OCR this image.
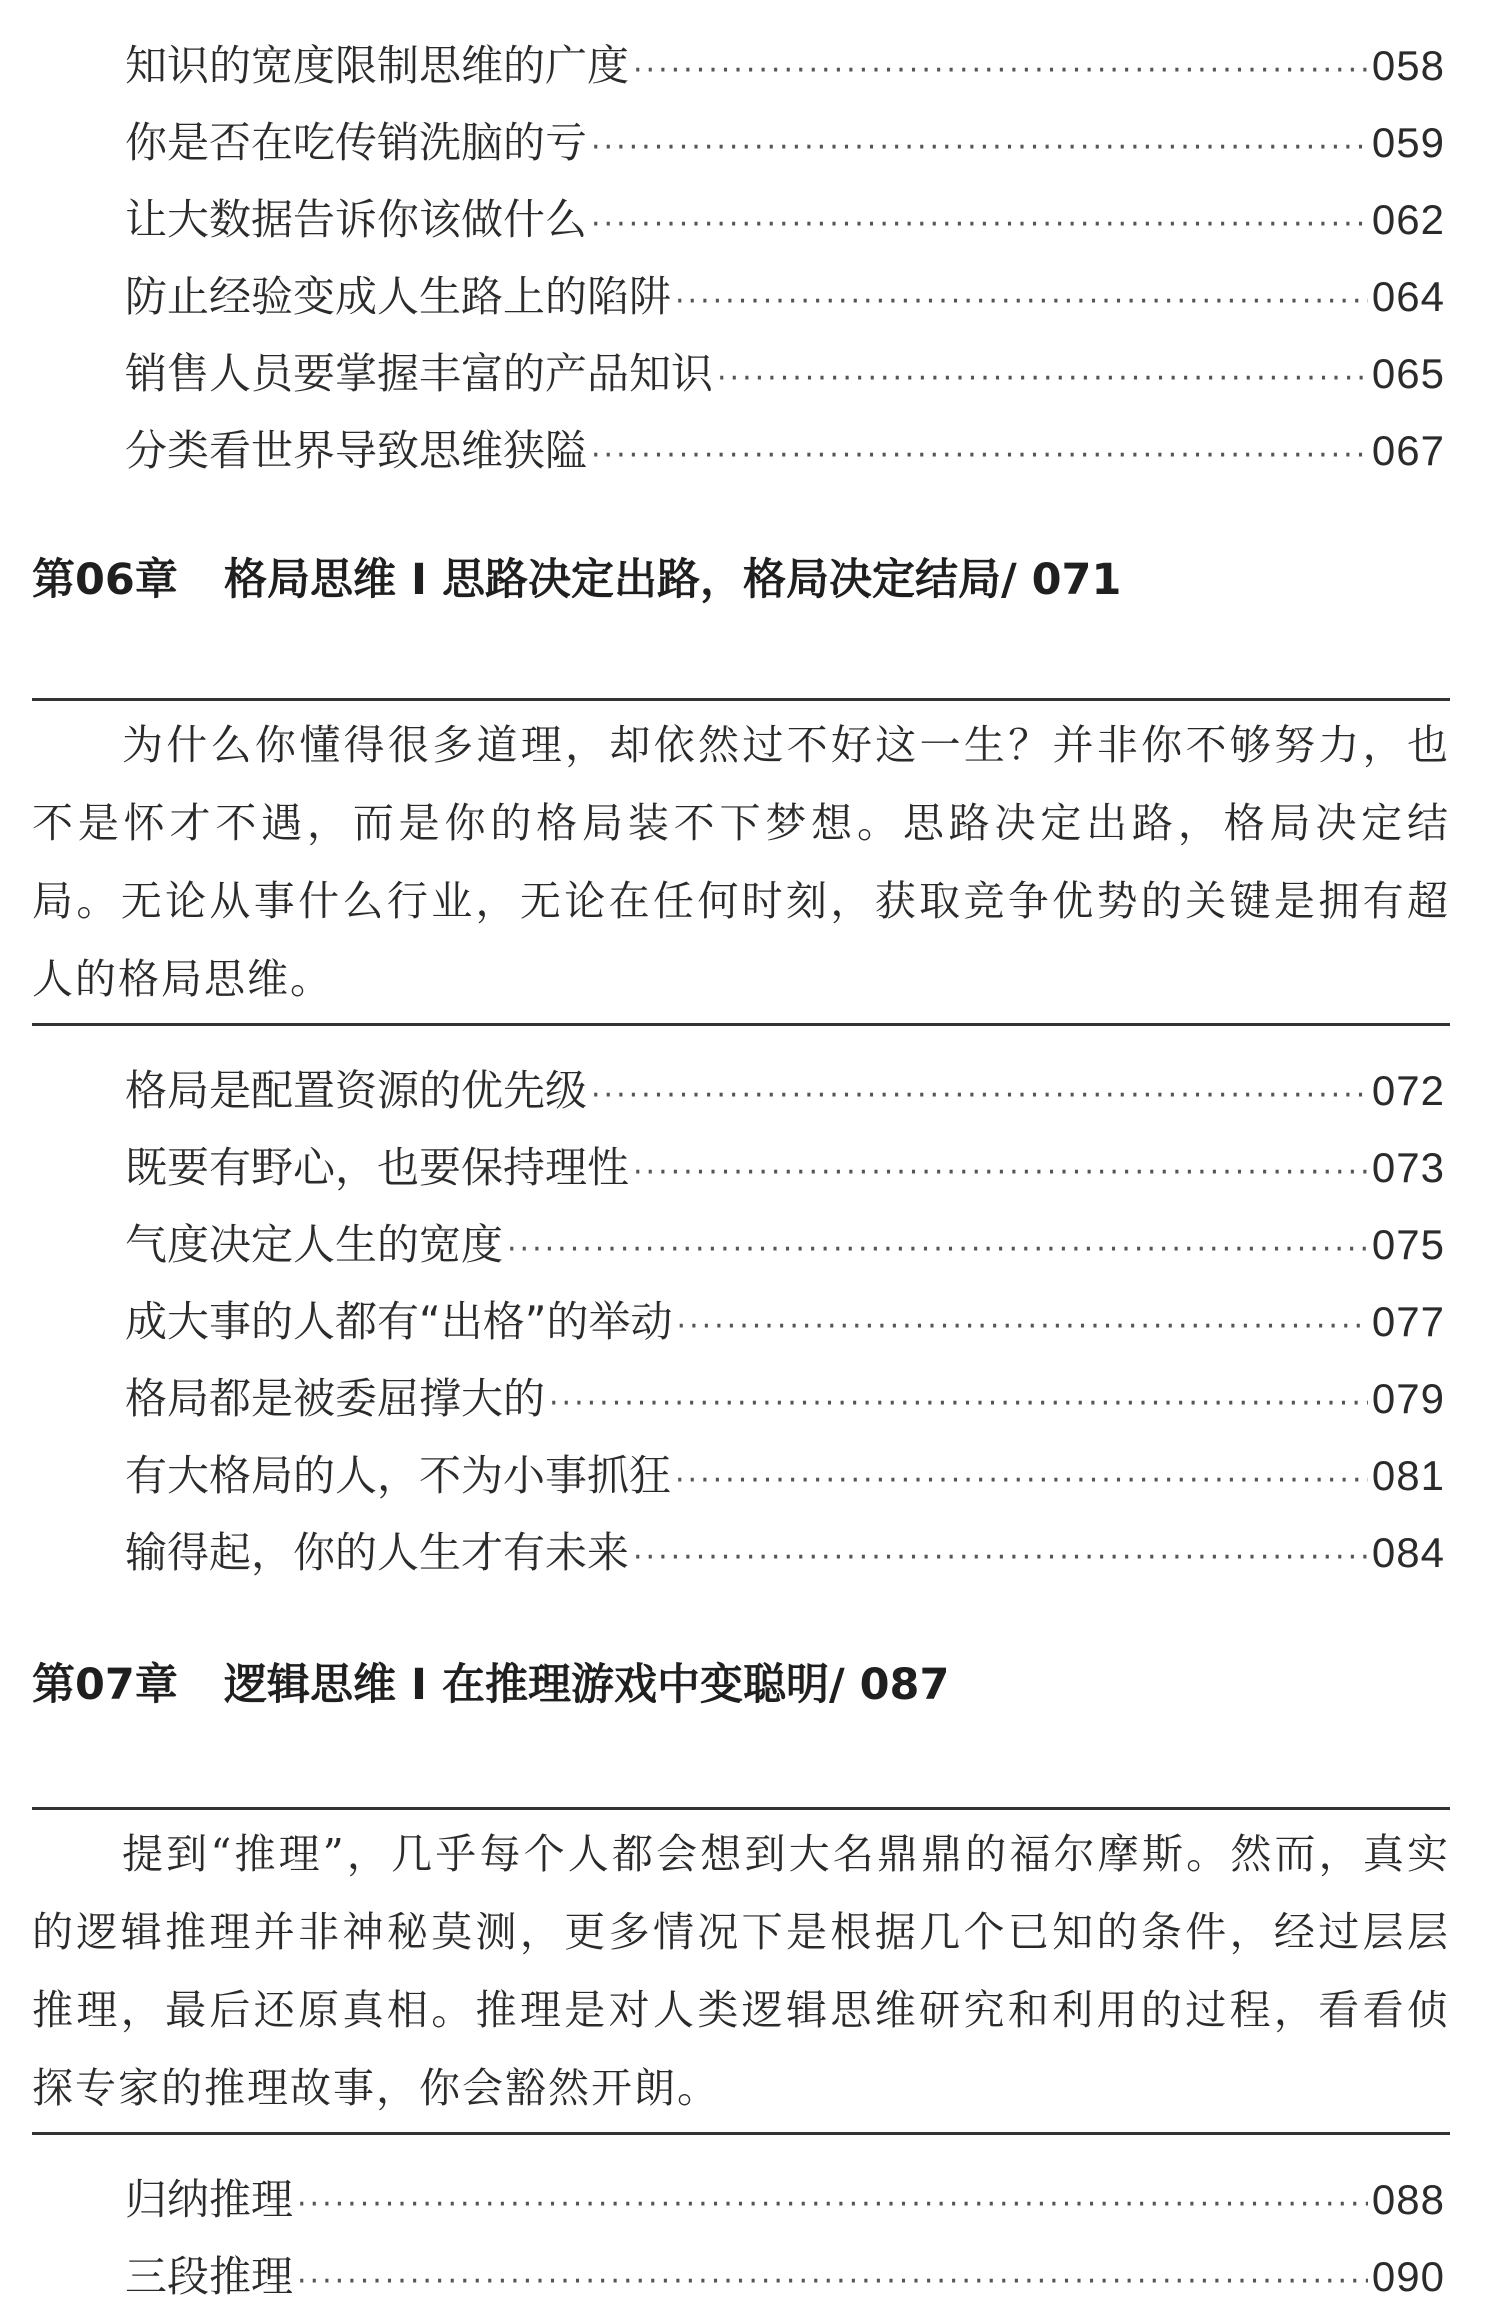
知识的宽度限制思维的广度 ·····	058
你是否在吃传销洗脑的亏 ·····	059
让大数据告诉你该做什么 ·····	062
防止经验变成人生路上的陷阱 ·····	064
销售人员要掌握丰富的产品知识 ·····	065
分类看世界导致思维狭隘 ·····	067
第06章 格局思维 I 思路决定出路，格局决定结局/ 071
为什么你懂得很多道理，却依然过不好这一生？并非你不够努力，也不是怀才不遇，而是你的格局装不下梦想。思路决定出路，格局决定结局。无论从事什么行业，无论在任何时刻，获取竞争优势的关键是拥有超人的格局思维。
格局是配置资源的优先级 ·····	072
既要有野心，也要保持理性 ·····	073
气度决定人生的宽度 ·····	075
成大事的人都有“出格”的举动 ·····	077
格局都是被委屈撑大的 ·····	079
有大格局的人，不为小事抓狂 ·····	081
输得起，你的人生才有未来 ·····	084
第07章 逻辑思维 I 在推理游戏中变聪明/ 087
提到“推理”，几乎每个人都会想到大名鼎鼎的福尔摩斯。然而，真实的逻辑推理并非神秘莫测，更多情况下是根据几个已知的条件，经过层层推理，最后还原真相。推理是对人类逻辑思维研究和利用的过程，看看侦探专家的推理故事，你会豁然开朗。
归纳推理 ·····	088
三段推理 ·····	090
